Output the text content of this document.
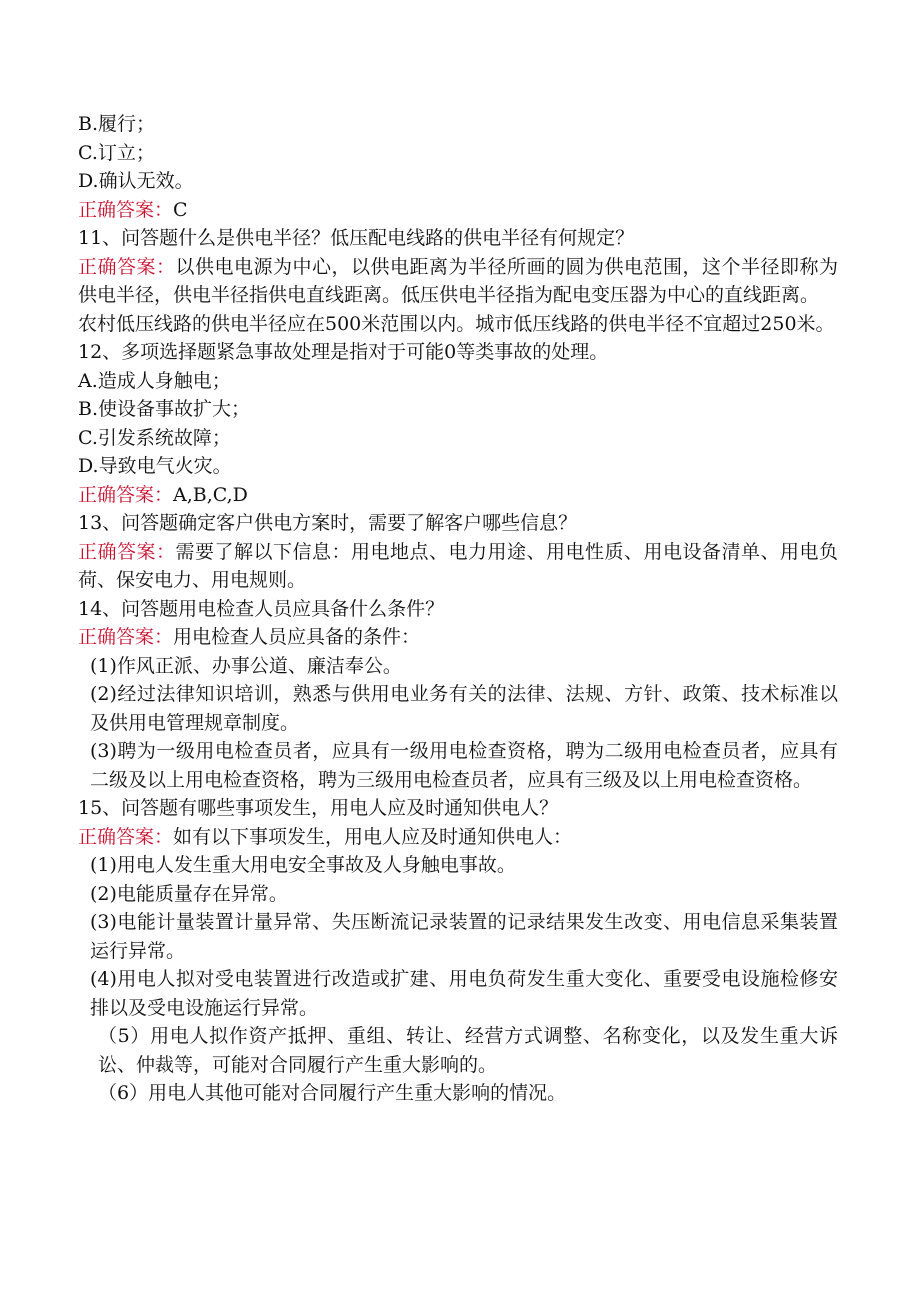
B.履行；
C.订立；
D.确认无效。
正确答案：C
11、问答题什么是供电半径？低压配电线路的供电半径有何规定？
正确答案：以供电电源为中心，以供电距离为半径所画的圆为供电范围，这个半径即称为供电半径，供电半径指供电直线距离。低压供电半径指为配电变压器为中心的直线距离。
农村低压线路的供电半径应在500米范围以内。城市低压线路的供电半径不宜超过250米。
12、多项选择题紧急事故处理是指对于可能0等类事故的处理。
A.造成人身触电；
B.使设备事故扩大；
C.引发系统故障；
D.导致电气火灾。
正确答案：A,B,C,D
13、问答题确定客户供电方案时，需要了解客户哪些信息？
正确答案：需要了解以下信息：用电地点、电力用途、用电性质、用电设备清单、用电负荷、保安电力、用电规则。
14、问答题用电检查人员应具备什么条件？
正确答案：用电检查人员应具备的条件：
(1)作风正派、办事公道、廉洁奉公。
(2)经过法律知识培训，熟悉与供用电业务有关的法律、法规、方针、政策、技术标准以及供用电管理规章制度。
(3)聘为一级用电检查员者，应具有一级用电检查资格，聘为二级用电检查员者，应具有二级及以上用电检查资格，聘为三级用电检查员者，应具有三级及以上用电检查资格。
15、问答题有哪些事项发生，用电人应及时通知供电人？
正确答案：如有以下事项发生，用电人应及时通知供电人：
(1)用电人发生重大用电安全事故及人身触电事故。
(2)电能质量存在异常。
(3)电能计量装置计量异常、失压断流记录装置的记录结果发生改变、用电信息采集装置运行异常。
(4)用电人拟对受电装置进行改造或扩建、用电负荷发生重大变化、重要受电设施检修安排以及受电设施运行异常。
（5）用电人拟作资产抵押、重组、转让、经营方式调整、名称变化，以及发生重大诉讼、仲裁等，可能对合同履行产生重大影响的。
（6）用电人其他可能对合同履行产生重大影响的情况。
